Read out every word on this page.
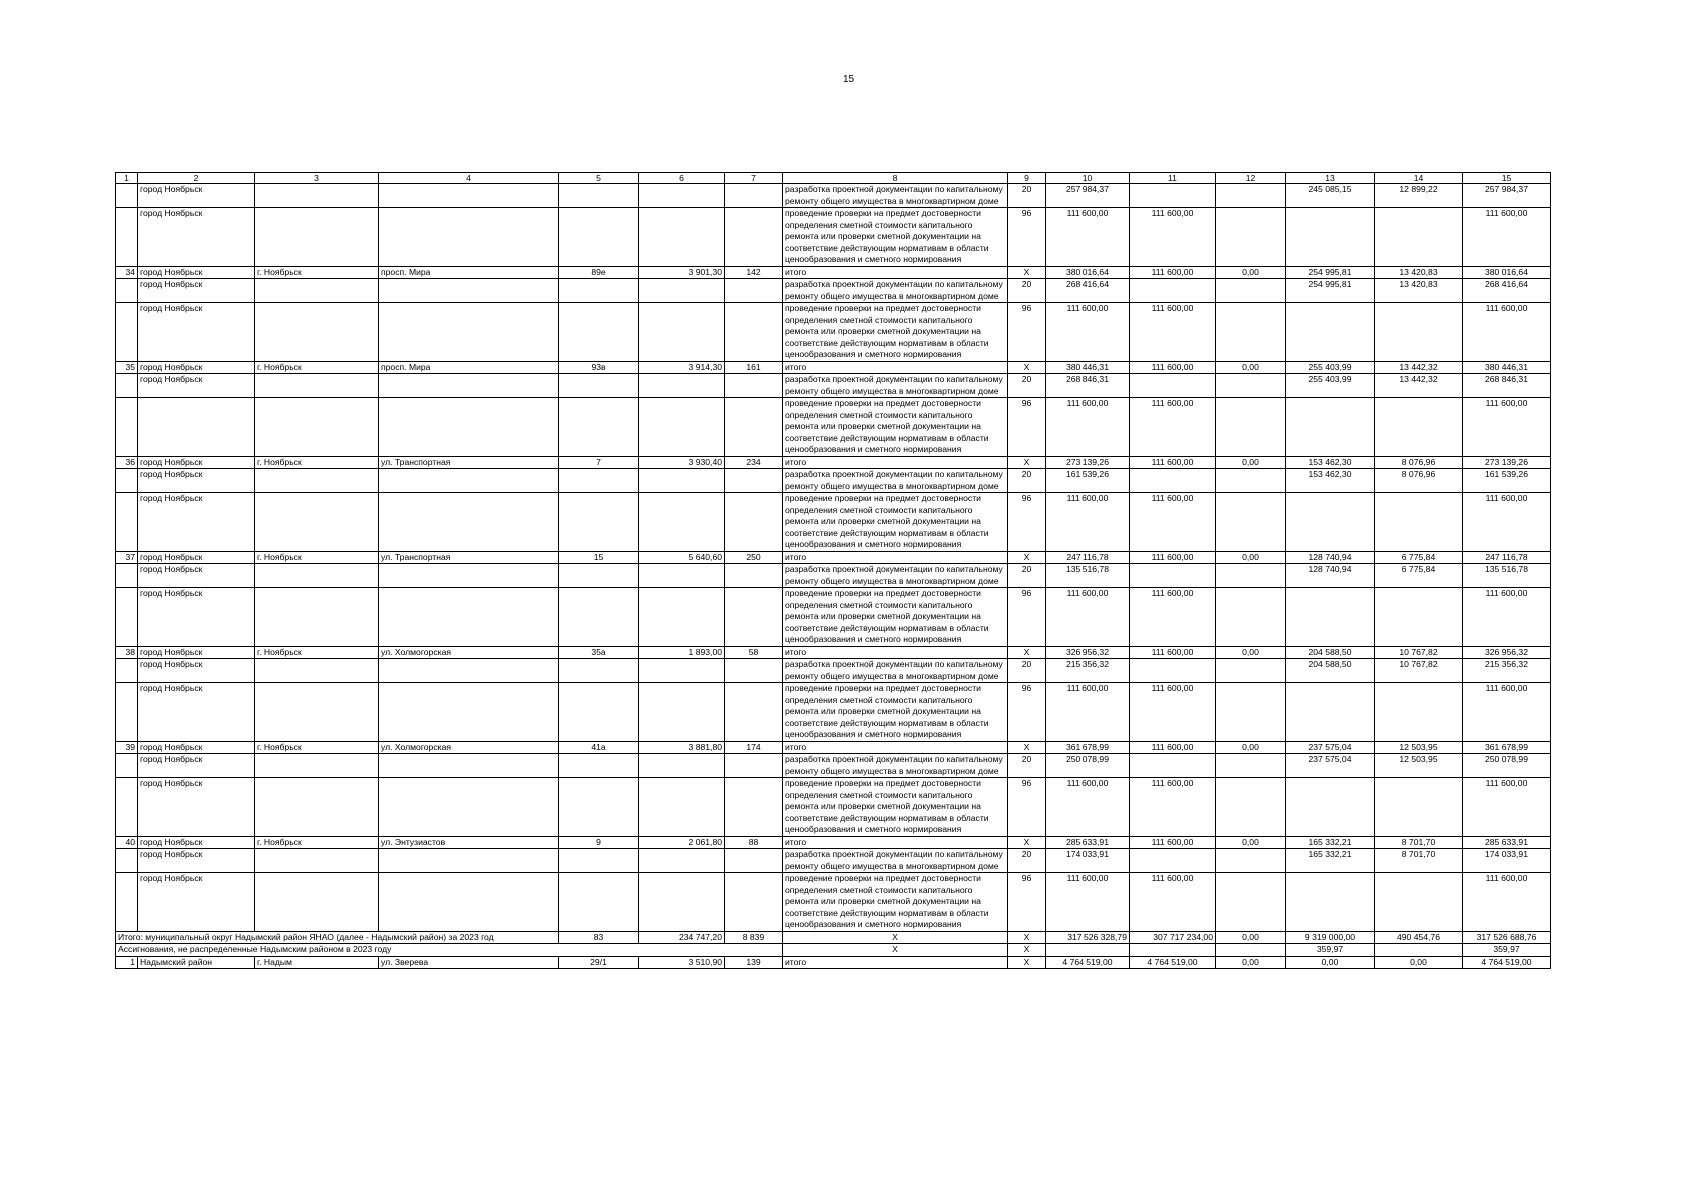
15
1	2	3	4	5	6	7	8	9	10	11	12	13	14	15
	город Ноябрьск						разработка проектной документации по капитальному ремонту общего имущества в многоквартирном доме	20	257 984,37			245 085,15	12 899,22	257 984,37
	город Ноябрьск						проведение проверки на предмет достоверности определения сметной стоимости капитального ремонта или проверки сметной документации на соответствие действующим нормативам в области ценообразования и сметного нормирования	96	111 600,00	111 600,00				111 600,00
34	город Ноябрьск	г. Ноябрьск	просп. Мира	89е	3 901,30	142	итого	X	380 016,64	111 600,00	0,00	254 995,81	13 420,83	380 016,64
	город Ноябрьск						разработка проектной документации по капитальному ремонту общего имущества в многоквартирном доме	20	268 416,64			254 995,81	13 420,83	268 416,64
	город Ноябрьск						проведение проверки на предмет достоверности определения сметной стоимости капитального ремонта или проверки сметной документации на соответствие действующим нормативам в области ценообразования и сметного нормирования	96	111 600,00	111 600,00				111 600,00
35	город Ноябрьск	г. Ноябрьск	просп. Мира	93в	3 914,30	161	итого	X	380 446,31	111 600,00	0,00	255 403,99	13 442,32	380 446,31
	город Ноябрьск						разработка проектной документации по капитальному ремонту общего имущества в многоквартирном доме	20	268 846,31			255 403,99	13 442,32	268 846,31
							проведение проверки на предмет достоверности определения сметной стоимости капитального ремонта или проверки сметной документации на соответствие действующим нормативам в области ценообразования и сметного нормирования	96	111 600,00	111 600,00				111 600,00
36	город Ноябрьск	г. Ноябрьск	ул. Транспортная	7	3 930,40	234	итого	X	273 139,26	111 600,00	0,00	153 462,30	8 076,96	273 139,26
	город Ноябрьск						разработка проектной документации по капитальному ремонту общего имущества в многоквартирном доме	20	161 539,26			153 462,30	8 076,96	161 539,26
	город Ноябрьск						проведение проверки на предмет достоверности определения сметной стоимости капитального ремонта или проверки сметной документации на соответствие действующим нормативам в области ценообразования и сметного нормирования	96	111 600,00	111 600,00				111 600,00
37	город Ноябрьск	г. Ноябрьск	ул. Транспортная	15	5 640,60	250	итого	X	247 116,78	111 600,00	0,00	128 740,94	6 775,84	247 116,78
	город Ноябрьск						разработка проектной документации по капитальному ремонту общего имущества в многоквартирном доме	20	135 516,78			128 740,94	6 775,84	135 516,78
	город Ноябрьск						проведение проверки на предмет достоверности определения сметной стоимости капитального ремонта или проверки сметной документации на соответствие действующим нормативам в области ценообразования и сметного нормирования	96	111 600,00	111 600,00				111 600,00
38	город Ноябрьск	г. Ноябрьск	ул. Холмогорская	35а	1 893,00	58	итого	X	326 956,32	111 600,00	0,00	204 588,50	10 767,82	326 956,32
	город Ноябрьск						разработка проектной документации по капитальному ремонту общего имущества в многоквартирном доме	20	215 356,32			204 588,50	10 767,82	215 356,32
	город Ноябрьск						проведение проверки на предмет достоверности определения сметной стоимости капитального ремонта или проверки сметной документации на соответствие действующим нормативам в области ценообразования и сметного нормирования	96	111 600,00	111 600,00				111 600,00
39	город Ноябрьск	г. Ноябрьск	ул. Холмогорская	41а	3 881,80	174	итого	X	361 678,99	111 600,00	0,00	237 575,04	12 503,95	361 678,99
	город Ноябрьск						разработка проектной документации по капитальному ремонту общего имущества в многоквартирном доме	20	250 078,99			237 575,04	12 503,95	250 078,99
	город Ноябрьск						проведение проверки на предмет достоверности определения сметной стоимости капитального ремонта или проверки сметной документации на соответствие действующим нормативам в области ценообразования и сметного нормирования	96	111 600,00	111 600,00				111 600,00
40	город Ноябрьск	г. Ноябрьск	ул. Энтузиастов	9	2 061,80	88	итого	X	285 633,91	111 600,00	0,00	165 332,21	8 701,70	285 633,91
	город Ноябрьск						разработка проектной документации по капитальному ремонту общего имущества в многоквартирном доме	20	174 033,91			165 332,21	8 701,70	174 033,91
	город Ноябрьск						проведение проверки на предмет достоверности определения сметной стоимости капитального ремонта или проверки сметной документации на соответствие действующим нормативам в области ценообразования и сметного нормирования	96	111 600,00	111 600,00				111 600,00
Итого: муниципальный округ Надымский район ЯНАО (далее - Надымский район) за 2023 год				83	234 747,20	8 839	X	X	317 526 328,79	307 717 234,00	0,00	9 319 000,00	490 454,76	317 526 688,76
Ассигнования, не распределенные Надымским районом в 2023 году							X	X				359,97		359,97
1	Надымский район	г. Надым	ул. Зверева	29/1	3 510,90	139	итого	X	4 764 519,00	4 764 519,00	0,00	0,00	0,00	4 764 519,00
